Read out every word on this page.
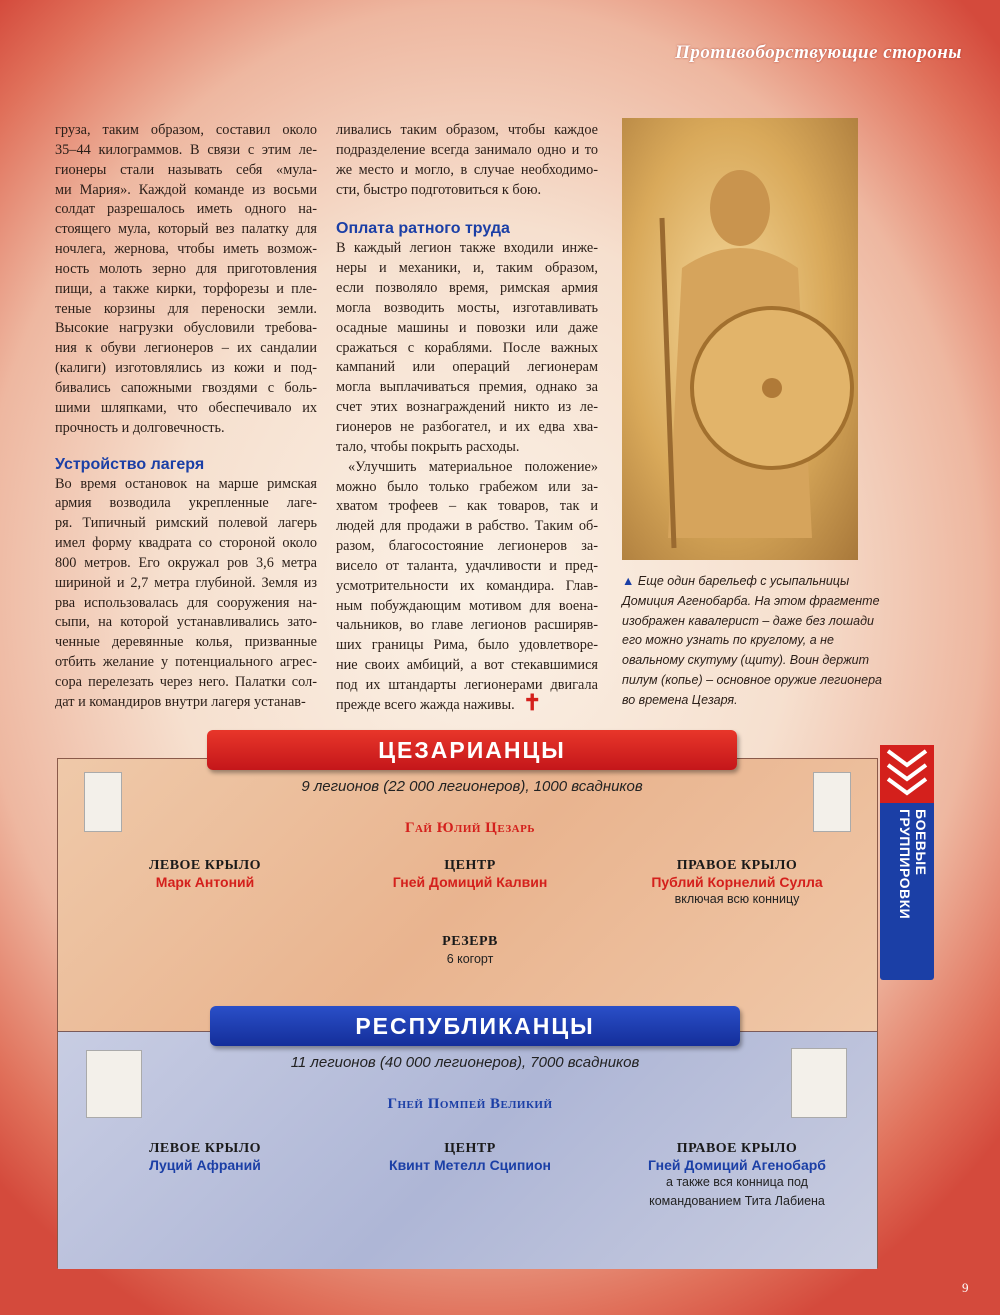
Противоборствующие стороны
груза, таким образом, составил около
35–44 килограммов. В связи с этим ле-
гионеры стали называть себя «мула-
ми Мария». Каждой команде из восьми
солдат разрешалось иметь одного на-
стоящего мула, который вез палатку для
ночлега, жернова, чтобы иметь возмож-
ность молоть зерно для приготовления
пищи, а также кирки, торфорезы и пле-
теные корзины для переноски земли.
Высокие нагрузки обусловили требова-
ния к обуви легионеров – их сандалии
(калиги) изготовлялись из кожи и под-
бивались сапожными гвоздями с боль-
шими шляпками, что обеспечивало их
прочность и долговечность.
Устройство лагеря
Во время остановок на марше римская
армия возводила укрепленные лаге-
ря. Типичный римский полевой лагерь
имел форму квадрата со стороной около
800 метров. Его окружал ров 3,6 метра
шириной и 2,7 метра глубиной. Земля из
рва использовалась для сооружения на-
сыпи, на которой устанавливались зато-
ченные деревянные колья, призванные
отбить желание у потенциального агрес-
сора перелезать через него. Палатки сол-
дат и командиров внутри лагеря устанав-
ливались таким образом, чтобы каждое
подразделение всегда занимало одно и то
же место и могло, в случае необходимо-
сти, быстро подготовиться к бою.
Оплата ратного труда
В каждый легион также входили инже-
неры и механики, и, таким образом,
если позволяло время, римская армия
могла возводить мосты, изготавливать
осадные машины и повозки или даже
сражаться с кораблями. После важных
кампаний или операций легионерам
могла выплачиваться премия, однако за
счет этих вознаграждений никто из ле-
гионеров не разбогател, и их едва хва-
тало, чтобы покрыть расходы.
«Улучшить материальное положение»
можно было только грабежом или за-
хватом трофеев – как товаров, так и
людей для продажи в рабство. Таким об-
разом, благосостояние легионеров за-
висело от таланта, удачливости и пред-
усмотрительности их командира. Глав-
ным побуждающим мотивом для военa-
чальников, во главе легионов расширяв-
ших границы Рима, было удовлетворе-
ние своих амбиций, а вот стекавшимися
под их штандарты легионерами двигала
прежде всего жажда наживы. ✝
▲ Еще один барельеф с усыпальницы Домиция Агенобарба. На этом фрагменте изображен кавалерист – даже без лошади его можно узнать по круглому, а не овальному скутуму (щиту). Воин держит пилум (копье) – основное оружие легионера во времена Цезаря.
ЦЕЗАРИАНЦЫ
РЕСПУБЛИКАНЦЫ
9 легионов (22 000 легионеров), 1000 всадников
Гай Юлий Цезарь
ЛЕВОЕ КРЫЛО
Марк Антоний
ЦЕНТР
Гней Домиций Калвин
ПРАВОЕ КРЫЛО
Публий Корнелий Сулла
включая всю конницу
РЕЗЕРВ
6 когорт
11 легионов (40 000 легионеров), 7000 всадников
Гней Помпей Великий
ЛЕВОЕ КРЫЛО
Луций Афраний
ЦЕНТР
Квинт Метелл Сципион
ПРАВОЕ КРЫЛО
Гней Домиций Агенобарб
а также вся конница под
командованием Тита Лабиена
БОЕВЫЕ ГРУППИРОВКИ
9
